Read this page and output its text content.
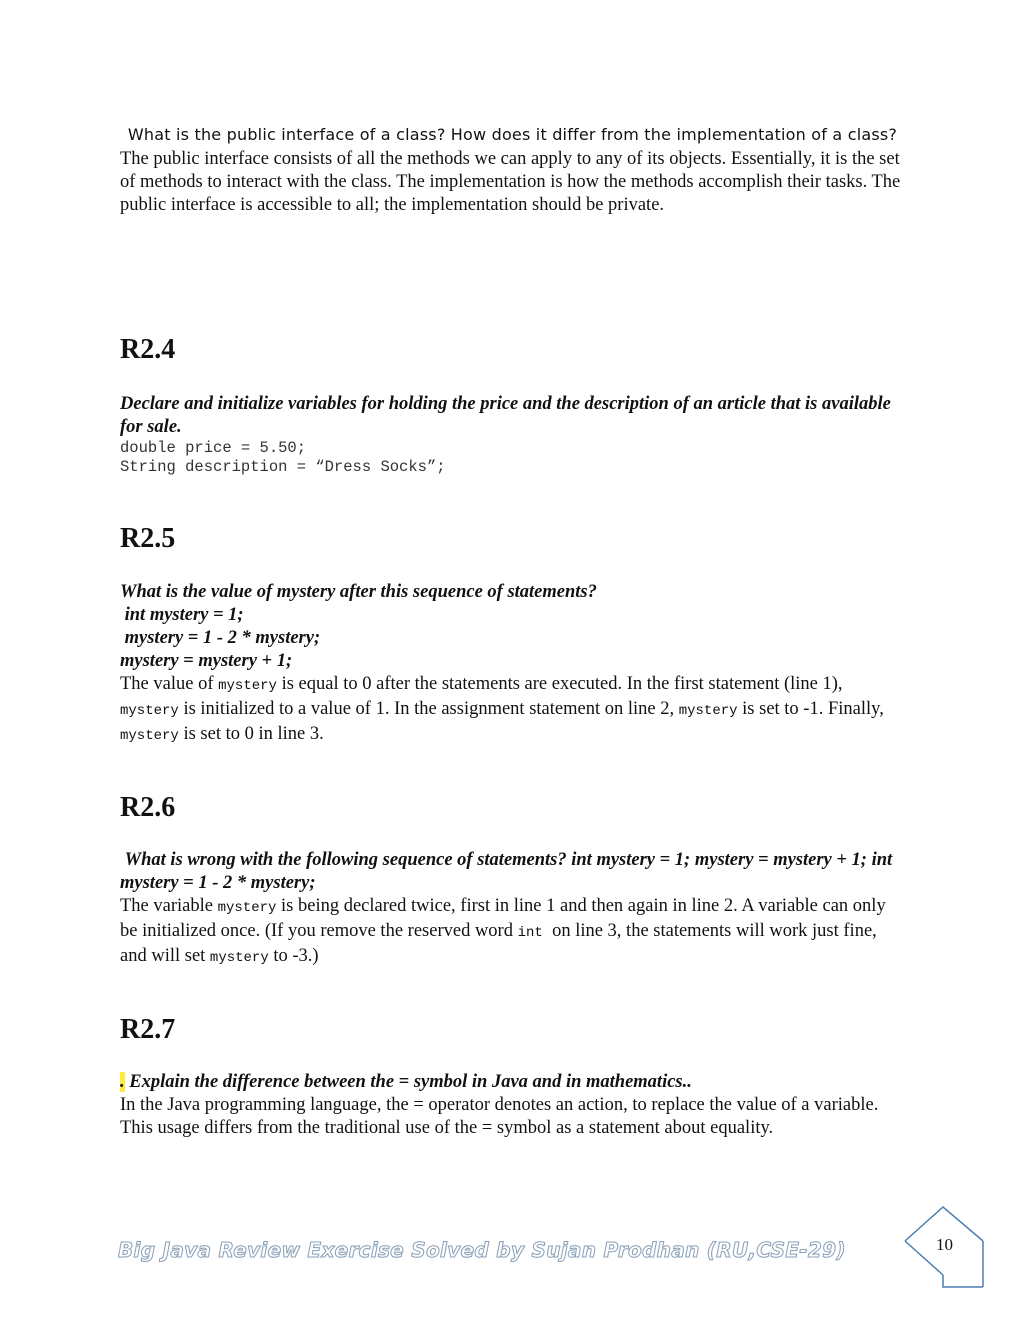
What is the public interface of a class? How does it differ from the implementation of a class?

The public interface consists of all the methods we can apply to any of its objects. Essentially, it is the set of methods to interact with the class. The implementation is how the methods accomplish their tasks. The public interface is accessible to all; the implementation should be private.

R2.4

Declare and initialize variables for holding the price and the description of an article that is available for sale.

double price = 5.50;
String description = “Dress Socks”;
R2.5

What is the value of mystery after this sequence of statements?

int mystery = 1;

mystery = 1 - 2 * mystery;

mystery = mystery + 1;

The value of mystery is equal to 0 after the statements are executed. In the first statement (line 1), mystery is initialized to a value of 1. In the assignment statement on line 2, mystery is set to -1. Finally, mystery is set to 0 in line 3.

R2.6

What is wrong with the following sequence of statements? int mystery = 1; mystery = mystery + 1; int mystery = 1 - 2 * mystery;

The variable mystery is being declared twice, first in line 1 and then again in line 2. A variable can only be initialized once. (If you remove the reserved word int  on line 3, the statements will work just fine, and will set mystery to -3.)

R2.7

. Explain the difference between the = symbol in Java and in mathematics..

In the Java programming language, the = operator denotes an action, to replace the value of a variable. This usage differs from the traditional use of the = symbol as a statement about equality.

Big Java Review Exercise Solved by Sujan Prodhan (RU,CSE-29)	10
